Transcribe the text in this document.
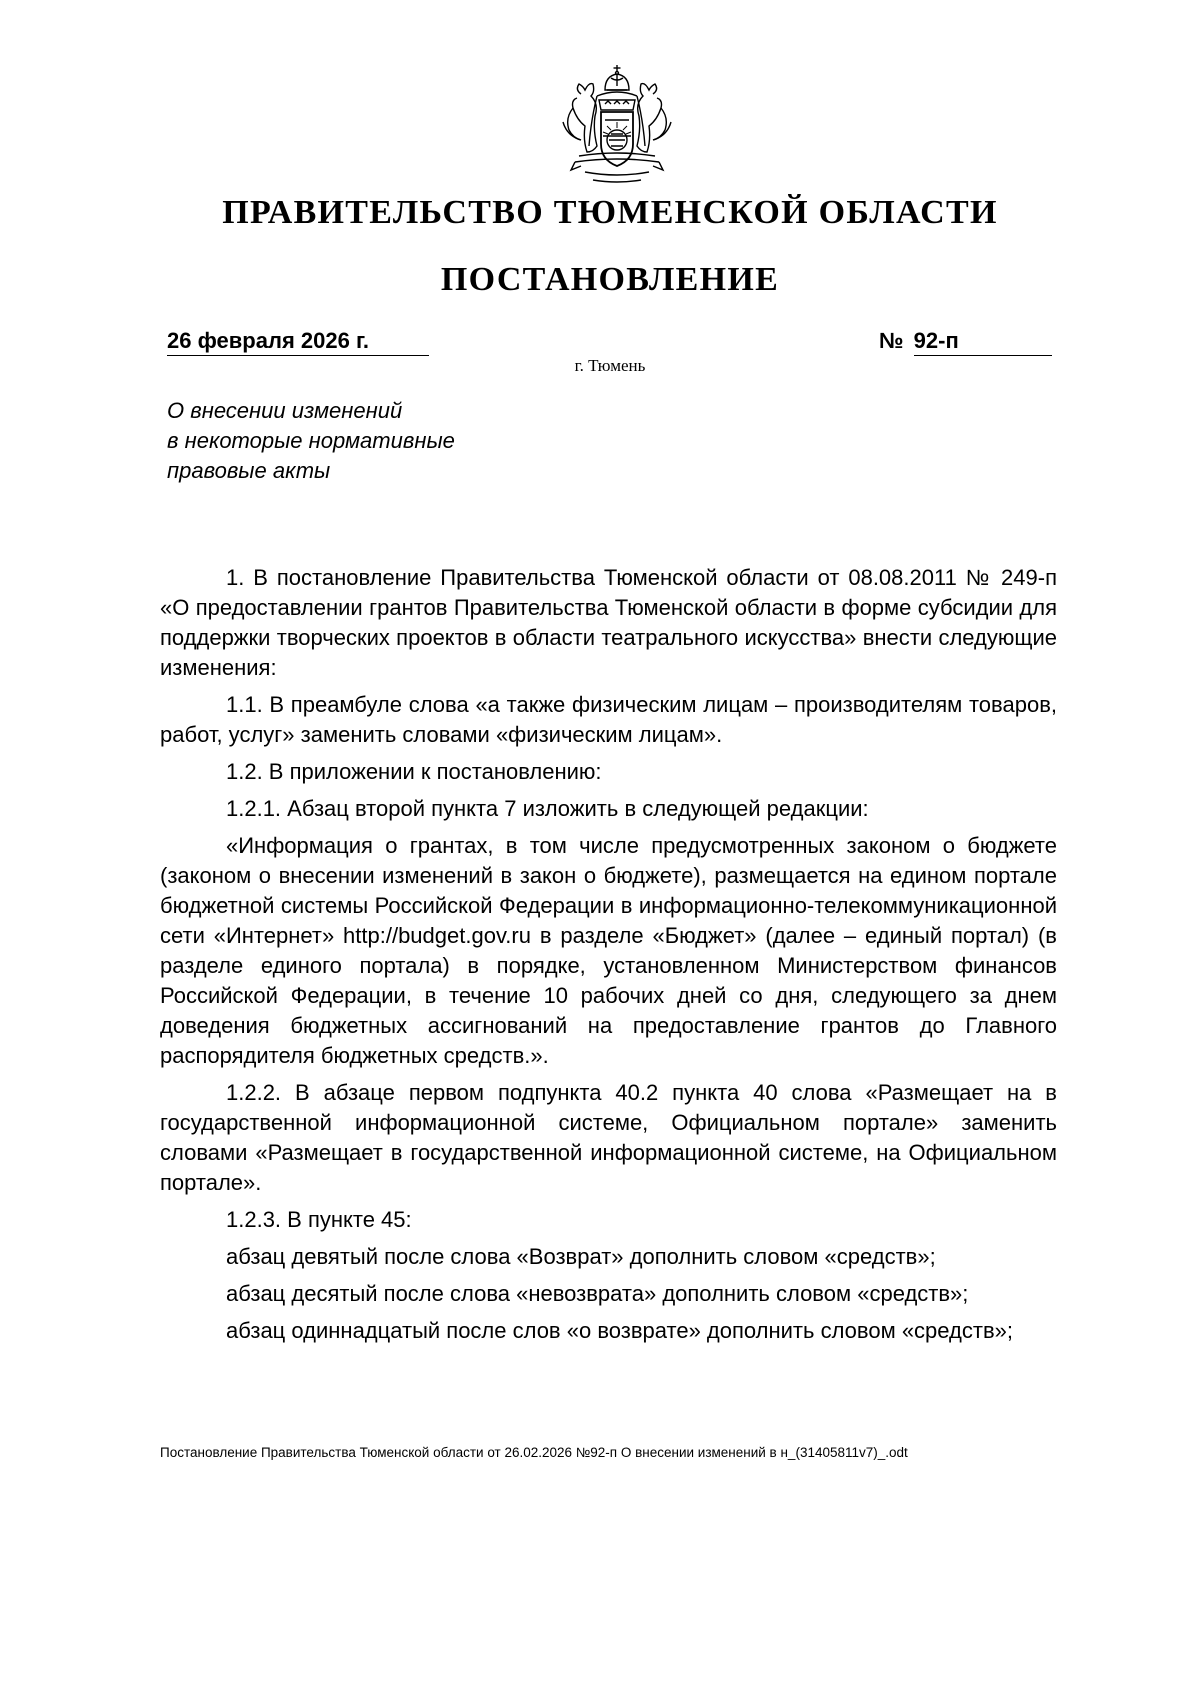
ПРАВИТЕЛЬСТВО ТЮМЕНСКОЙ ОБЛАСТИ
ПОСТАНОВЛЕНИЕ
26 февраля 2026 г.	№ 92-п
г. Тюмень
О внесении изменений
в некоторые нормативные
правовые акты

1. В постановление Правительства Тюменской области от 08.08.2011 № 249-п «О предоставлении грантов Правительства Тюменской области в форме субсидии для поддержки творческих проектов в области театрального искусства» внести следующие изменения:

1.1. В преамбуле слова «а также физическим лицам – производителям товаров, работ, услуг» заменить словами «физическим лицам».

1.2. В приложении к постановлению:

1.2.1. Абзац второй пункта 7 изложить в следующей редакции:

«Информация о грантах, в том числе предусмотренных законом о бюджете (законом о внесении изменений в закон о бюджете), размещается на едином портале бюджетной системы Российской Федерации в информационно-телекоммуникационной сети «Интернет» http://budget.gov.ru в разделе «Бюджет» (далее – единый портал) (в разделе единого портала) в порядке, установленном Министерством финансов Российской Федерации, в течение 10 рабочих дней со дня, следующего за днем доведения бюджетных ассигнований на предоставление грантов до Главного распорядителя бюджетных средств.».

1.2.2. В абзаце первом подпункта 40.2 пункта 40 слова «Размещает на в государственной информационной системе, Официальном портале» заменить словами «Размещает в государственной информационной системе, на Официальном портале».

1.2.3. В пункте 45:

абзац девятый после слова «Возврат» дополнить словом «средств»;

абзац десятый после слова «невозврата» дополнить словом «средств»;

абзац одиннадцатый после слов «о возврате» дополнить словом «средств»;

Постановление Правительства Тюменской области от 26.02.2026 №92-п О внесении изменений в н_(31405811v7)_.odt
